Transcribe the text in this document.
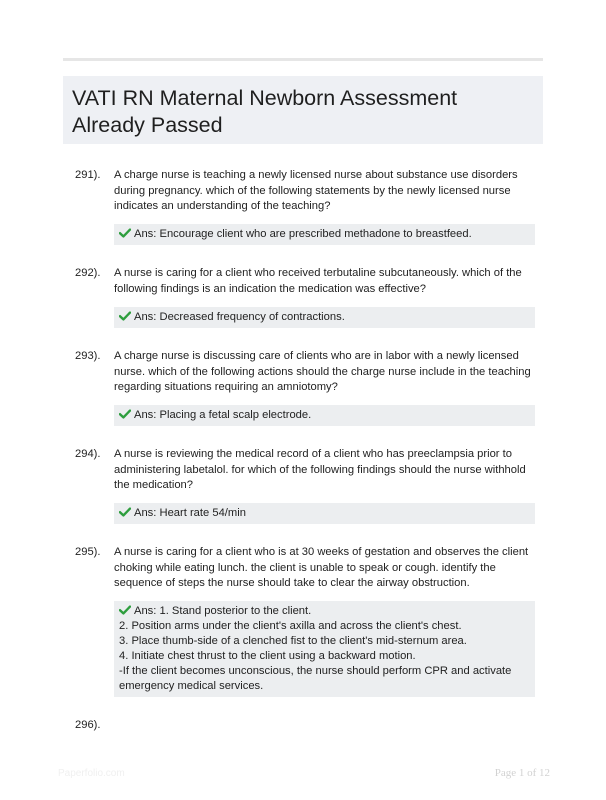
VATI RN Maternal Newborn Assessment Already Passed
291). A charge nurse is teaching a newly licensed nurse about substance use disorders during pregnancy. which of the following statements by the newly licensed nurse indicates an understanding of the teaching?
Ans: Encourage client who are prescribed methadone to breastfeed.
292). A nurse is caring for a client who received terbutaline subcutaneously. which of the following findings is an indication the medication was effective?
Ans: Decreased frequency of contractions.
293). A charge nurse is discussing care of clients who are in labor with a newly licensed nurse. which of the following actions should the charge nurse include in the teaching regarding situations requiring an amniotomy?
Ans: Placing a fetal scalp electrode.
294). A nurse is reviewing the medical record of a client who has preeclampsia prior to administering labetalol. for which of the following findings should the nurse withhold the medication?
Ans: Heart rate 54/min
295). A nurse is caring for a client who is at 30 weeks of gestation and observes the client choking while eating lunch. the client is unable to speak or cough. identify the sequence of steps the nurse should take to clear the airway obstruction.
Ans: 1. Stand posterior to the client.
2. Position arms under the client's axilla and across the client's chest.
3. Place thumb-side of a clenched fist to the client's mid-sternum area.
4. Initiate chest thrust to the client using a backward motion.
-If the client becomes unconscious, the nurse should perform CPR and activate emergency medical services.
296).
Paperfolio.com	Page 1 of 12
